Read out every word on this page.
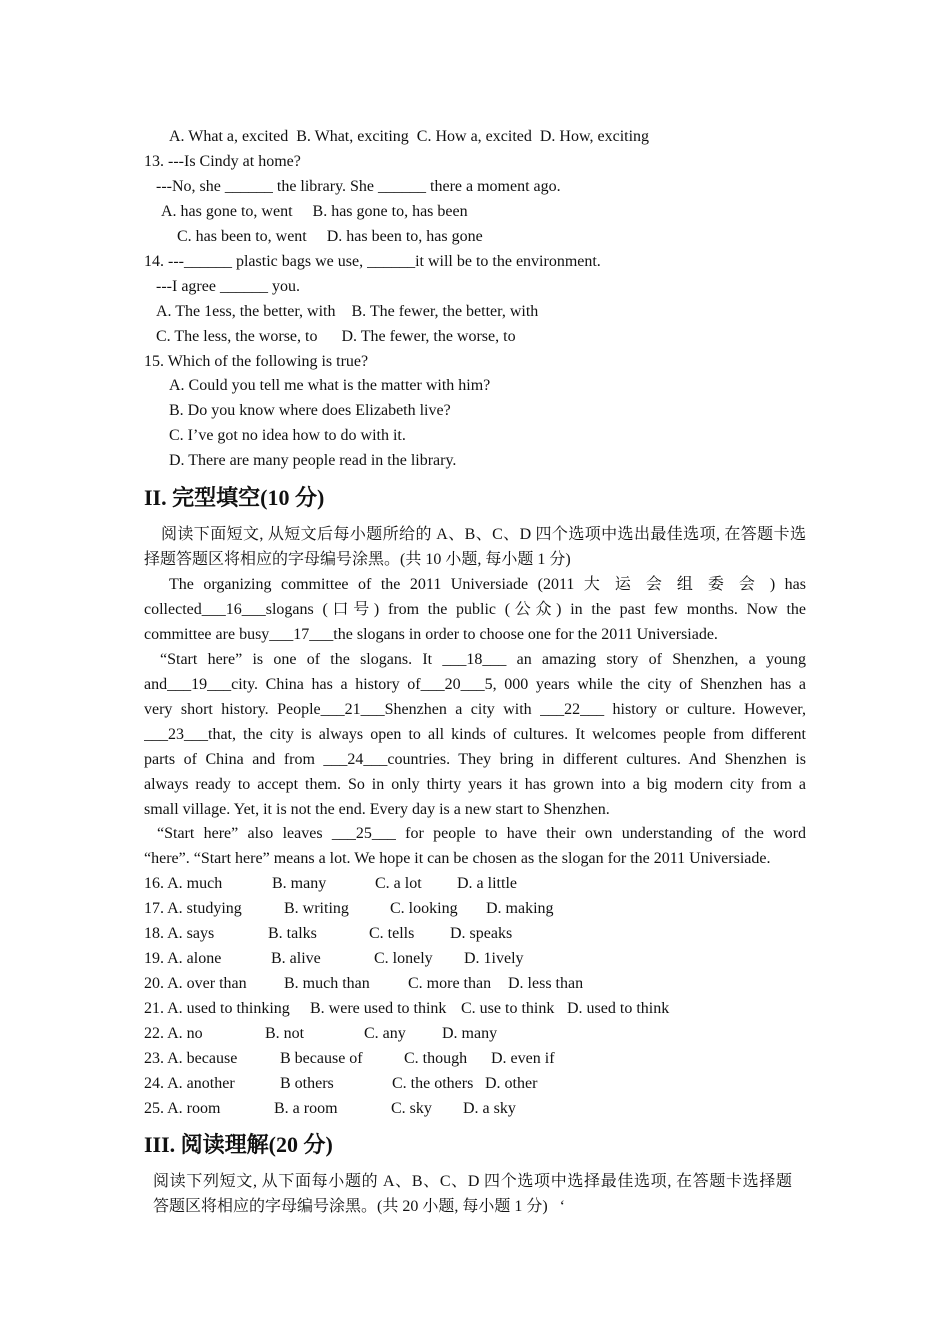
A. What a, excited  B. What, exciting  C. How a, excited  D. How, exciting
13. ---Is Cindy at home?
---No, she ______ the library. She ______ there a moment ago.
A. has gone to, went     B. has gone to, has been
C. has been to, went     D. has been to, has gone
14. ---______ plastic bags we use, ______it will be to the environment.
---I agree ______ you.
A. The 1ess, the better, with    B. The fewer, the better, with
C. The less, the worse, to      D. The fewer, the worse, to
15. Which of the following is true?
A. Could you tell me what is the matter with him?
B. Do you know where does Elizabeth live?
C. I’ve got no idea how to do with it.
D. There are many people read in the library.
II. 完型填空(10 分)
阅读下面短文, 从短文后每小题所给的 A、B、C、D 四个选项中选出最佳选项, 在答题卡选
择题答题区将相应的字母编号涂黑。(共 10 小题, 每小题 1 分)
The organizing committee of the 2011 Universiade (2011 大 运 会 组 委 会 ) has
collected___16___slogans (口号) from the public (公众) in the past few months. Now the
committee are busy___17___the slogans in order to choose one for the 2011 Universiade.
“Start here” is one of the slogans. It ___18___ an amazing story of Shenzhen, a young
and___19___city. China has a history of___20___5, 000 years while the city of Shenzhen has a
very short history. People___21___Shenzhen a city with ___22___ history or culture. However,
___23___that, the city is always open to all kinds of cultures. It welcomes people from different
parts of China and from ___24___countries. They bring in different cultures. And Shenzhen is
always ready to accept them. So in only thirty years it has grown into a big modern city from a
small village. Yet, it is not the end. Every day is a new start to Shenzhen.
“Start here” also leaves ___25___ for people to have their own understanding of the word
“here”. “Start here” means a lot. We hope it can be chosen as the slogan for the 2011 Universiade.
16. A. much	B. many	C. a lot D. a little
17. A. studying	B. writing	C. looking D. making
18. A. says	B. talks	C. tells D. speaks
19. A. alone	B. alive	C. lonely D. 1ively
20. A. over than B. much than C. more than D. less than
21. A. used to thinking B. were used to think C. use to think D. used to think
22. A. no	B. not	C. any D. many
23. A. because	B because of	C. though D. even if
24. A. another	B others	C. the others D. other
25. A. room	B. a room	C. sky D. a sky
III. 阅读理解(20 分)
阅读下列短文, 从下面每小题的 A、B、C、D 四个选项中选择最佳选项, 在答题卡选择题
答题区将相应的字母编号涂黑。(共 20 小题, 每小题 1 分)   ‘
